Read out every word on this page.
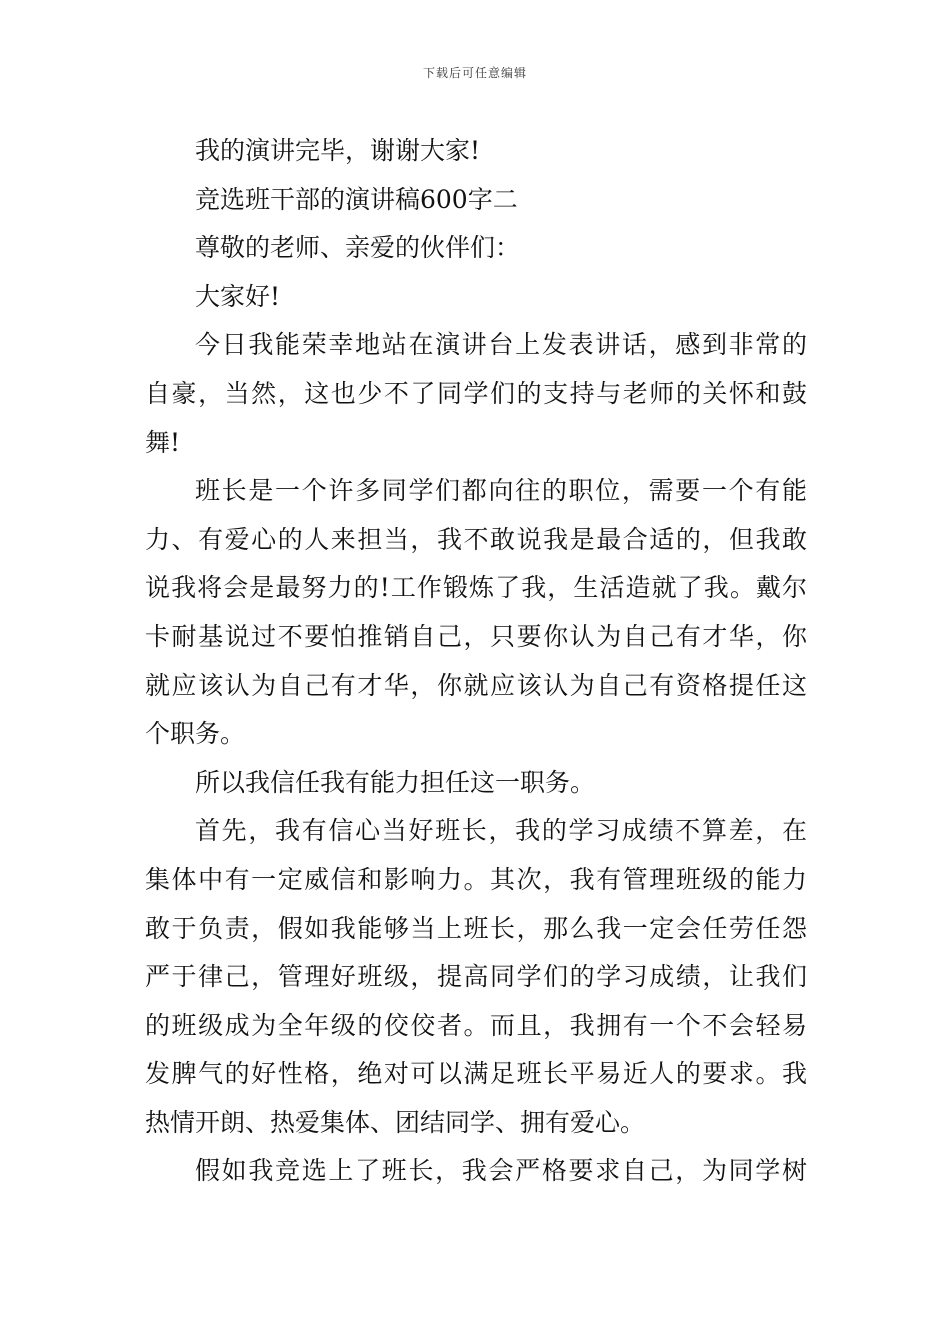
下载后可任意编辑
我的演讲完毕，谢谢大家!
竞选班干部的演讲稿600字二
尊敬的老师、亲爱的伙伴们：
大家好!
今日我能荣幸地站在演讲台上发表讲话，感到非常的
自豪，当然，这也少不了同学们的支持与老师的关怀和鼓
舞!
班长是一个许多同学们都向往的职位，需要一个有能
力、有爱心的人来担当，我不敢说我是最合适的，但我敢
说我将会是最努力的!工作锻炼了我，生活造就了我。戴尔
卡耐基说过不要怕推销自己，只要你认为自己有才华，你
就应该认为自己有才华，你就应该认为自己有资格提任这
个职务。
所以我信任我有能力担任这一职务。
首先，我有信心当好班长，我的学习成绩不算差，在
集体中有一定威信和影响力。其次，我有管理班级的能力
敢于负责，假如我能够当上班长，那么我一定会任劳任怨
严于律己，管理好班级，提高同学们的学习成绩，让我们
的班级成为全年级的佼佼者。而且，我拥有一个不会轻易
发脾气的好性格，绝对可以满足班长平易近人的要求。我
热情开朗、热爱集体、团结同学、拥有爱心。
假如我竞选上了班长，我会严格要求自己，为同学树
